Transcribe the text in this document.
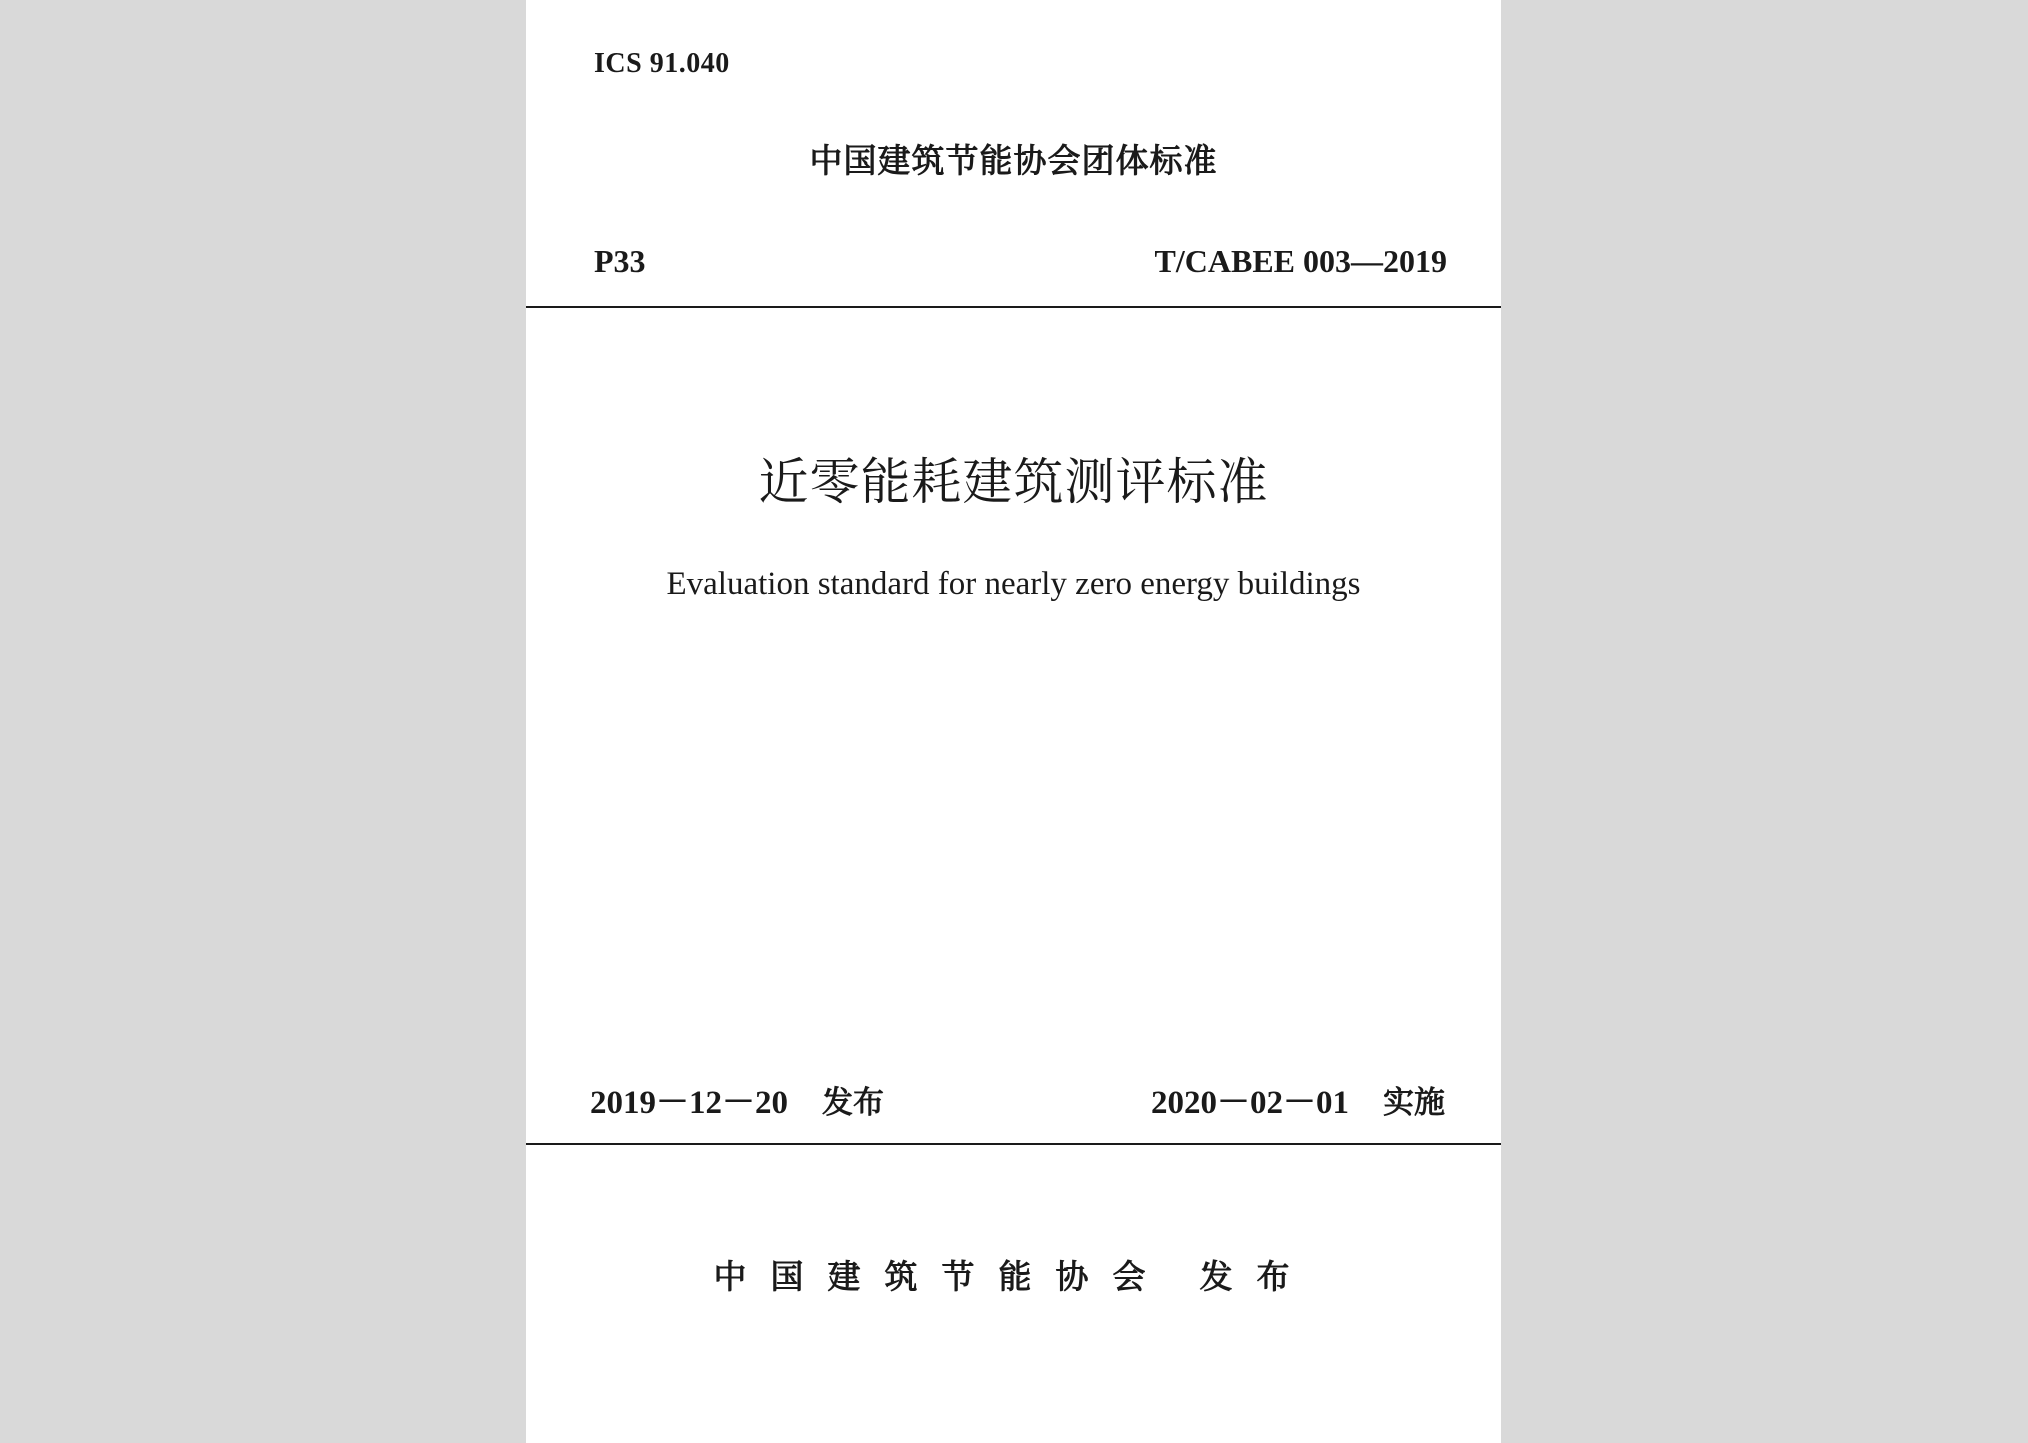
ICS 91.040
中国建筑节能协会团体标准
P33	T/CABEE 003—2019
近零能耗建筑测评标准
Evaluation standard for nearly zero energy buildings
2019－12－20 发布	2020－02－01 实施
中国建筑节能协会 发布
